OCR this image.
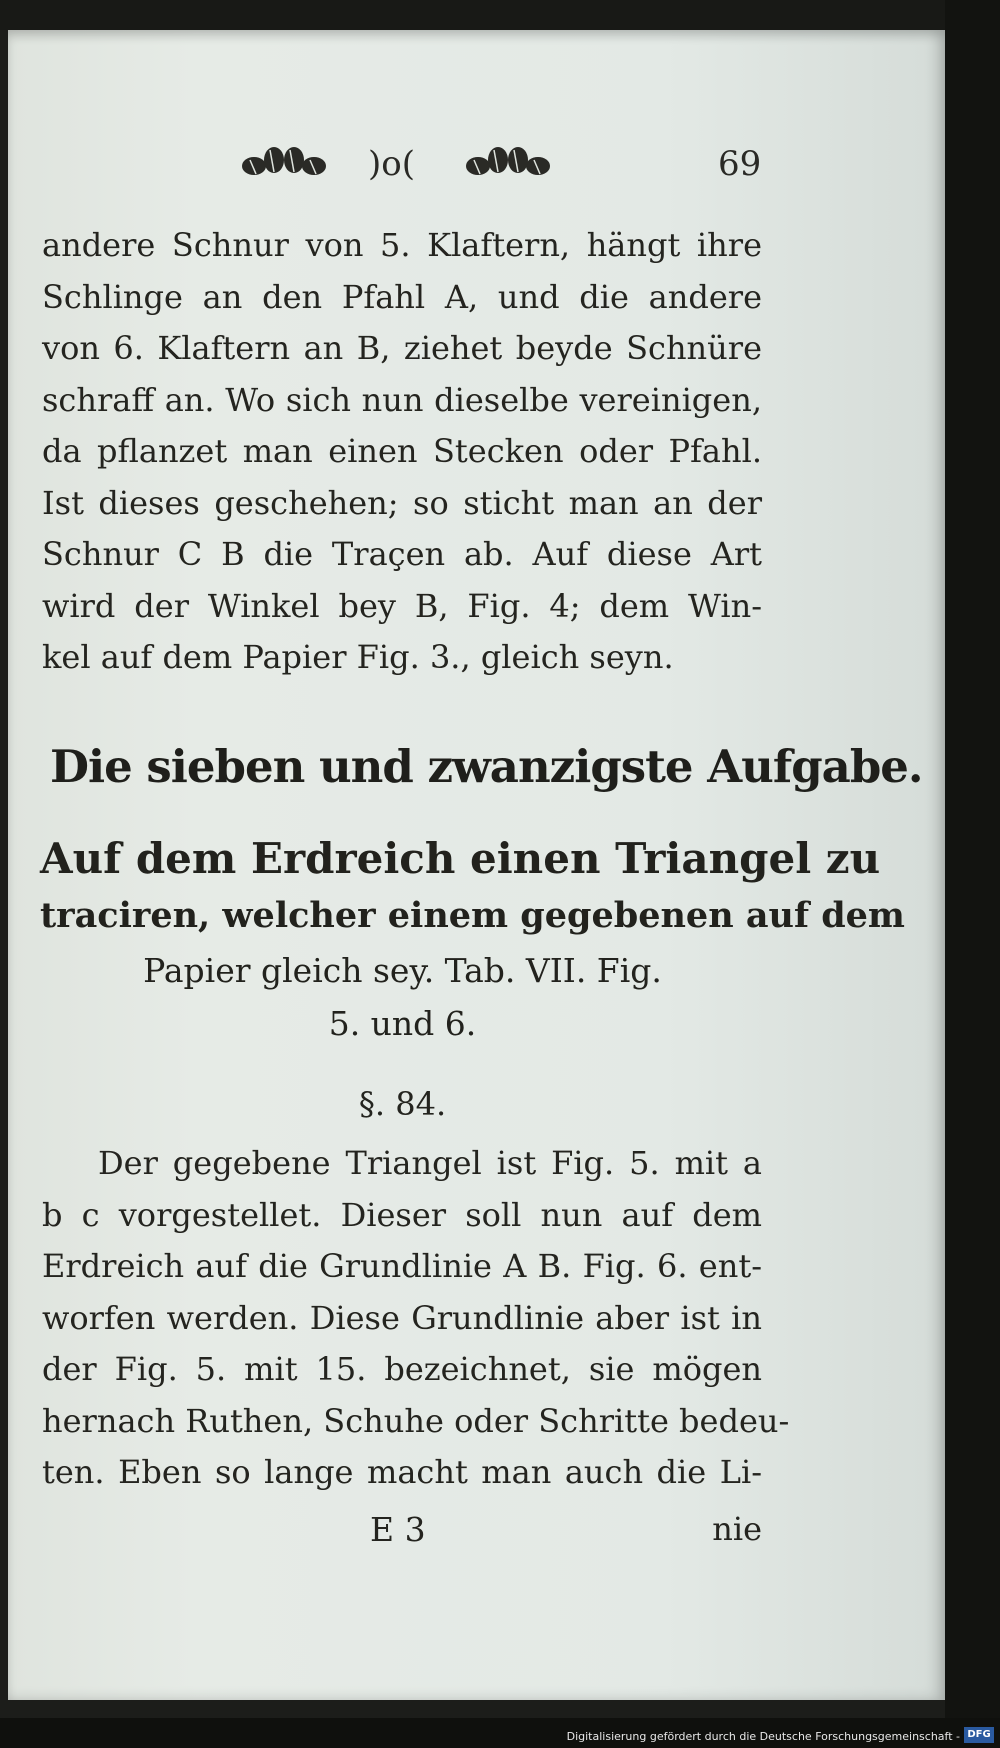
)o(	69
andere Schnur von 5. Klaftern, hängt ihre
Schlinge an den Pfahl A, und die andere
von 6. Klaftern an B, ziehet beyde Schnüre
schraff an. Wo sich nun dieselbe vereinigen,
da pflanzet man einen Stecken oder Pfahl.
Ist dieses geschehen; so sticht man an der
Schnur C B die Traçen ab. Auf diese Art
wird der Winkel bey B, Fig. 4; dem Win-
kel auf dem Papier Fig. 3., gleich seyn.
Die sieben und zwanzigste Aufgabe.
Auf dem Erdreich einen Triangel zu
traciren, welcher einem gegebenen auf dem
Papier gleich sey. Tab. VII. Fig.
5. und 6.
§. 84.
Der gegebene Triangel ist Fig. 5. mit a
b c vorgestellet. Dieser soll nun auf dem
Erdreich auf die Grundlinie A B. Fig. 6. ent-
worfen werden. Diese Grundlinie aber ist in
der Fig. 5. mit 15. bezeichnet, sie mögen
hernach Ruthen, Schuhe oder Schritte bedeu-
ten. Eben so lange macht man auch die Li-
E 3	nie
Digitalisierung gefördert durch die Deutsche Forschungsgemeinschaft - DFG
